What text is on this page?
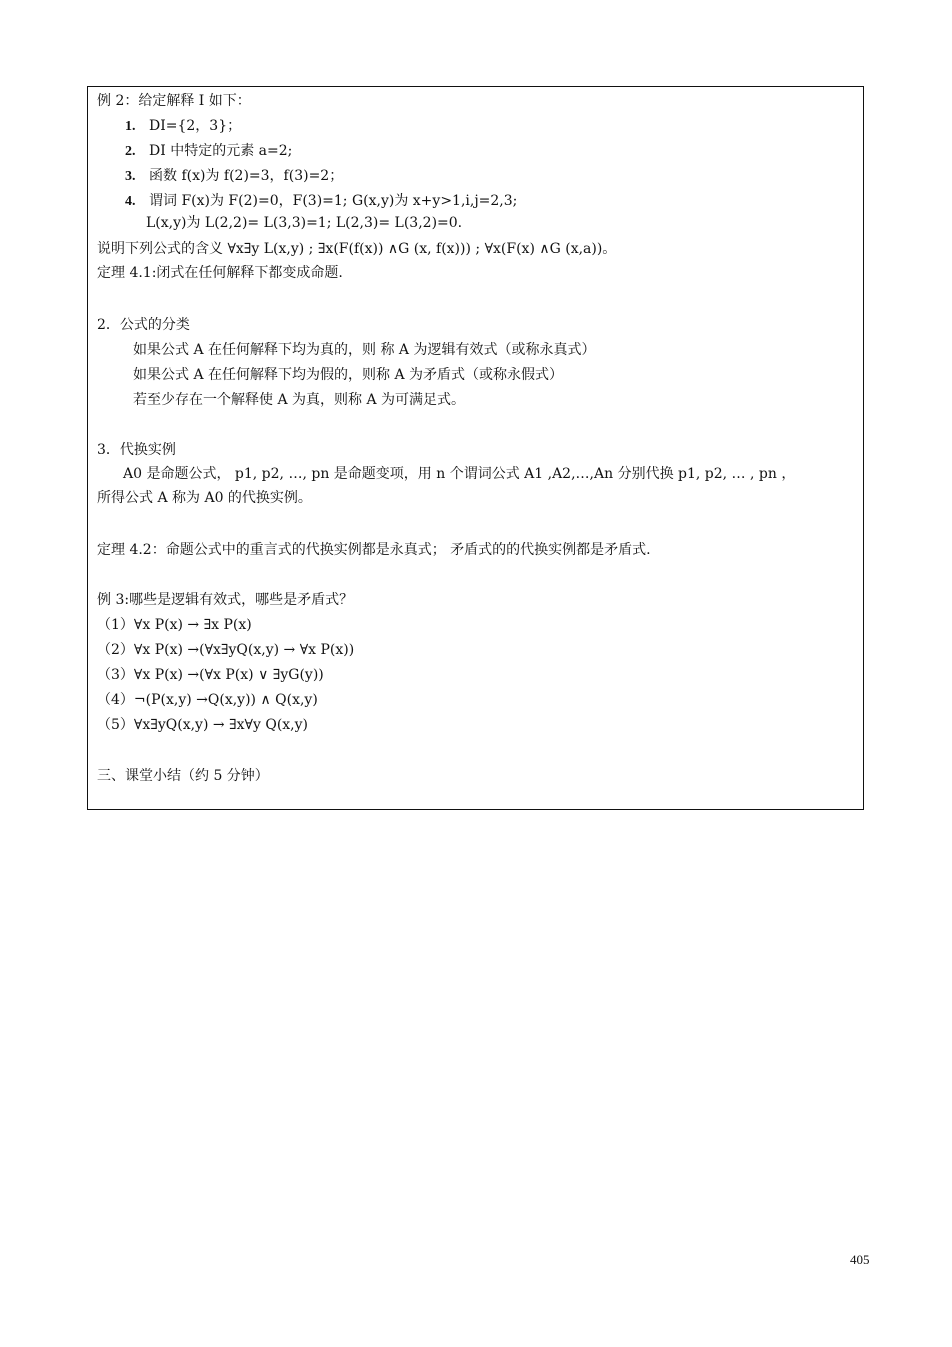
例 2：给定解释 I 如下：
1. DI={2，3}；
2. DI 中特定的元素 a=2;
3. 函数 f(x)为 f(2)=3，f(3)=2；
4. 谓词 F(x)为 F(2)=0，F(3)=1; G(x,y)为 x+y>1,i,j=2,3;
L(x,y)为 L(2,2)= L(3,3)=1; L(2,3)= L(3,2)=0.
说明下列公式的含义 ∀x∃y L(x,y) ; ∃x(F(f(x)) ∧G (x, f(x))) ; ∀x(F(x) ∧G (x,a))。
定理 4.1:闭式在任何解释下都变成命题.
2．公式的分类
如果公式 A 在任何解释下均为真的，则 称 A 为逻辑有效式（或称永真式）
如果公式 A 在任何解释下均为假的，则称 A 为矛盾式（或称永假式）
若至少存在一个解释使 A 为真，则称 A 为可满足式。
3．代换实例
A0 是命题公式， p1, p2, …, pn 是命题变项，用 n 个谓词公式 A1 ,A2,…,An 分别代换 p1, p2, … , pn ，
所得公式 A 称为 A0 的代换实例。
定理 4.2：命题公式中的重言式的代换实例都是永真式； 矛盾式的的代换实例都是矛盾式.
例 3:哪些是逻辑有效式，哪些是矛盾式？
（1）∀x P(x) → ∃x P(x)
（2）∀x P(x) →(∀x∃yQ(x,y) → ∀x P(x))
（3）∀x P(x) →(∀x P(x) ∨ ∃yG(y))
（4）¬(P(x,y) →Q(x,y)) ∧ Q(x,y)
（5）∀x∃yQ(x,y) → ∃x∀y Q(x,y)
三、课堂小结（约 5 分钟）
405
